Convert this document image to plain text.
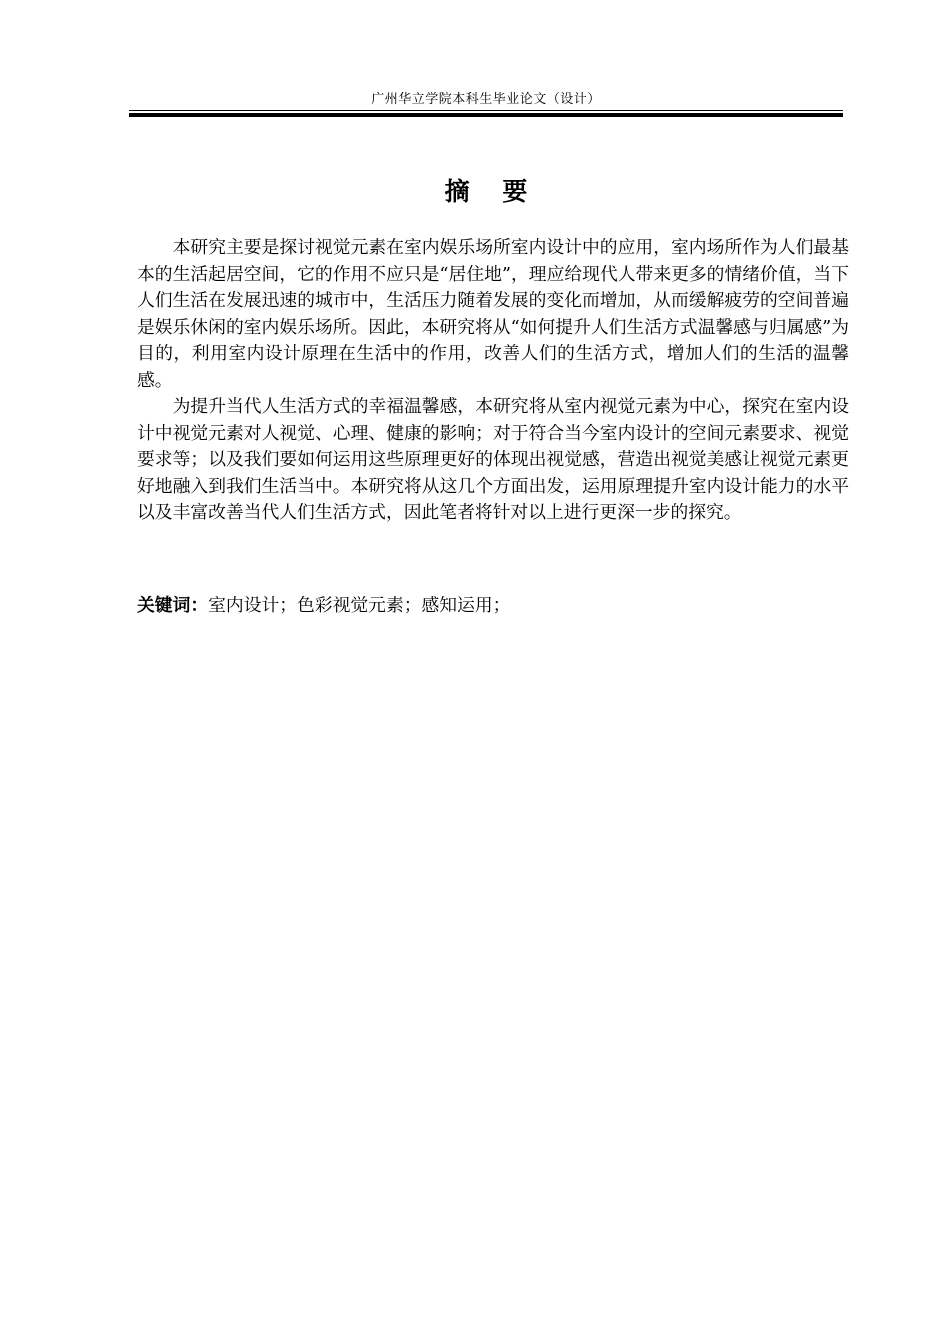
广州华立学院本科生毕业论文（设计）
摘 要

本研究主要是探讨视觉元素在室内娱乐场所室内设计中的应用，室内场所作为人们最基本的生活起居空间，它的作用不应只是“居住地”，理应给现代人带来更多的情绪价值，当下人们生活在发展迅速的城市中，生活压力随着发展的变化而增加，从而缓解疲劳的空间普遍是娱乐休闲的室内娱乐场所。因此，本研究将从“如何提升人们生活方式温馨感与归属感”为目的，利用室内设计原理在生活中的作用，改善人们的生活方式，增加人们的生活的温馨感。

为提升当代人生活方式的幸福温馨感，本研究将从室内视觉元素为中心，探究在室内设计中视觉元素对人视觉、心理、健康的影响；对于符合当今室内设计的空间元素要求、视觉要求等；以及我们要如何运用这些原理更好的体现出视觉感，营造出视觉美感让视觉元素更好地融入到我们生活当中。本研究将从这几个方面出发，运用原理提升室内设计能力的水平以及丰富改善当代人们生活方式，因此笔者将针对以上进行更深一步的探究。

关键词：室内设计；色彩视觉元素；感知运用；
